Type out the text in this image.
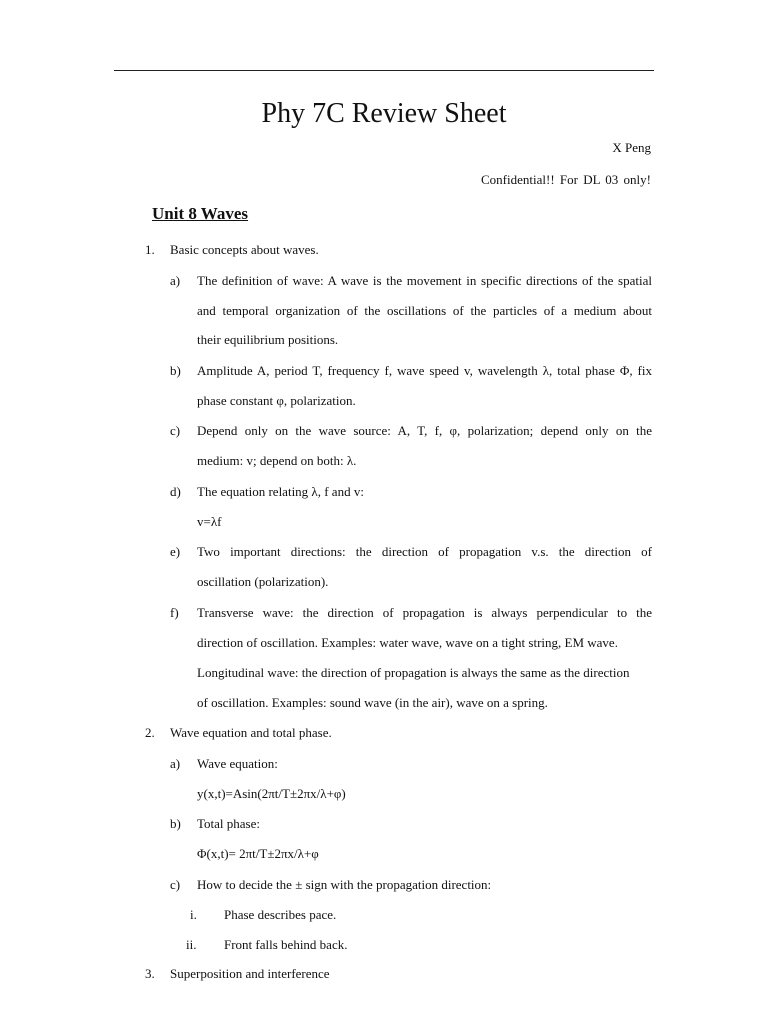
Phy 7C Review Sheet
X Peng
Confidential!! For DL 03 only!
Unit 8 Waves
1. Basic concepts about waves.
a) The definition of wave: A wave is the movement in specific directions of the spatial
and temporal organization of the oscillations of the particles of a medium about
their equilibrium positions.
b) Amplitude A, period T, frequency f, wave speed v, wavelength λ, total phase Φ, fix
phase constant φ, polarization.
c) Depend only on the wave source: A, T, f, φ, polarization; depend only on the
medium: v; depend on both: λ.
d) The equation relating λ, f and v:
v=λf
e) Two important directions: the direction of propagation v.s. the direction of
oscillation (polarization).
f) Transverse wave: the direction of propagation is always perpendicular to the
direction of oscillation. Examples: water wave, wave on a tight string, EM wave.
Longitudinal wave: the direction of propagation is always the same as the direction
of oscillation. Examples: sound wave (in the air), wave on a spring.
2. Wave equation and total phase.
a) Wave equation:
y(x,t)=Asin(2πt/T±2πx/λ+φ)
b) Total phase:
Φ(x,t)= 2πt/T±2πx/λ+φ
c) How to decide the ± sign with the propagation direction:
i. Phase describes pace.
ii. Front falls behind back.
3. Superposition and interference
